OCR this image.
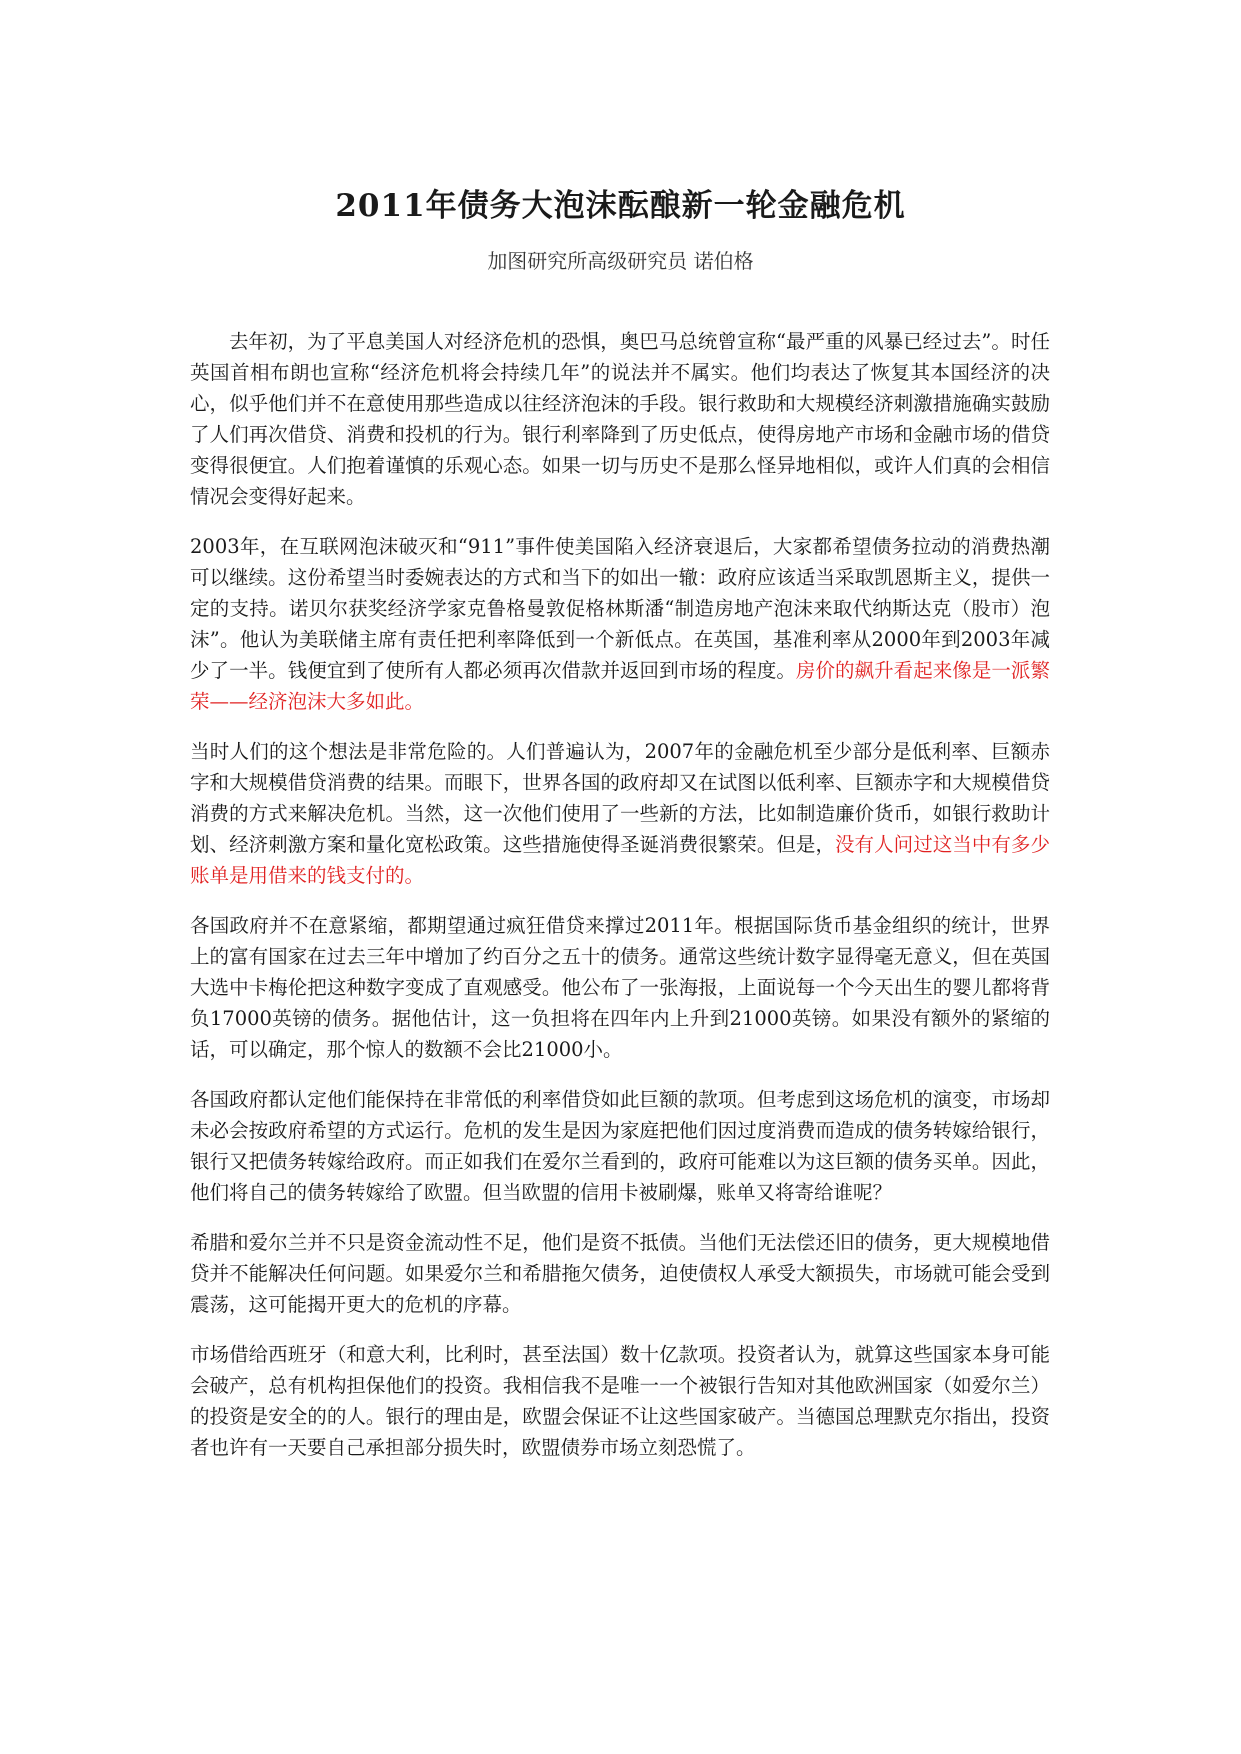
2011年债务大泡沫酝酿新一轮金融危机
加图研究所高级研究员 诺伯格

去年初，为了平息美国人对经济危机的恐惧，奥巴马总统曾宣称“最严重的风暴已经过去”。时任英国首相布朗也宣称“经济危机将会持续几年”的说法并不属实。他们均表达了恢复其本国经济的决心，似乎他们并不在意使用那些造成以往经济泡沫的手段。银行救助和大规模经济刺激措施确实鼓励了人们再次借贷、消费和投机的行为。银行利率降到了历史低点，使得房地产市场和金融市场的借贷变得很便宜。人们抱着谨慎的乐观心态。如果一切与历史不是那么怪异地相似，或许人们真的会相信情况会变得好起来。

2003年，在互联网泡沫破灭和“911”事件使美国陷入经济衰退后，大家都希望债务拉动的消费热潮可以继续。这份希望当时委婉表达的方式和当下的如出一辙：政府应该适当采取凯恩斯主义，提供一定的支持。诺贝尔获奖经济学家克鲁格曼敦促格林斯潘“制造房地产泡沫来取代纳斯达克（股市）泡沫”。他认为美联储主席有责任把利率降低到一个新低点。在英国，基准利率从2000年到2003年减少了一半。钱便宜到了使所有人都必须再次借款并返回到市场的程度。房价的飙升看起来像是一派繁荣——经济泡沫大多如此。

当时人们的这个想法是非常危险的。人们普遍认为，2007年的金融危机至少部分是低利率、巨额赤字和大规模借贷消费的结果。而眼下，世界各国的政府却又在试图以低利率、巨额赤字和大规模借贷消费的方式来解决危机。当然，这一次他们使用了一些新的方法，比如制造廉价货币，如银行救助计划、经济刺激方案和量化宽松政策。这些措施使得圣诞消费很繁荣。但是，没有人问过这当中有多少账单是用借来的钱支付的。

各国政府并不在意紧缩，都期望通过疯狂借贷来撑过2011年。根据国际货币基金组织的统计，世界上的富有国家在过去三年中增加了约百分之五十的债务。通常这些统计数字显得毫无意义，但在英国大选中卡梅伦把这种数字变成了直观感受。他公布了一张海报，上面说每一个今天出生的婴儿都将背负17000英镑的债务。据他估计，这一负担将在四年内上升到21000英镑。如果没有额外的紧缩的话，可以确定，那个惊人的数额不会比21000小。

各国政府都认定他们能保持在非常低的利率借贷如此巨额的款项。但考虑到这场危机的演变，市场却未必会按政府希望的方式运行。危机的发生是因为家庭把他们因过度消费而造成的债务转嫁给银行，银行又把债务转嫁给政府。而正如我们在爱尔兰看到的，政府可能难以为这巨额的债务买单。因此，他们将自己的债务转嫁给了欧盟。但当欧盟的信用卡被刷爆，账单又将寄给谁呢？

希腊和爱尔兰并不只是资金流动性不足，他们是资不抵债。当他们无法偿还旧的债务，更大规模地借贷并不能解决任何问题。如果爱尔兰和希腊拖欠债务，迫使债权人承受大额损失，市场就可能会受到震荡，这可能揭开更大的危机的序幕。

市场借给西班牙（和意大利，比利时，甚至法国）数十亿款项。投资者认为，就算这些国家本身可能会破产，总有机构担保他们的投资。我相信我不是唯一一个被银行告知对其他欧洲国家（如爱尔兰）的投资是安全的的人。银行的理由是，欧盟会保证不让这些国家破产。当德国总理默克尔指出，投资者也许有一天要自己承担部分损失时，欧盟债券市场立刻恐慌了。
